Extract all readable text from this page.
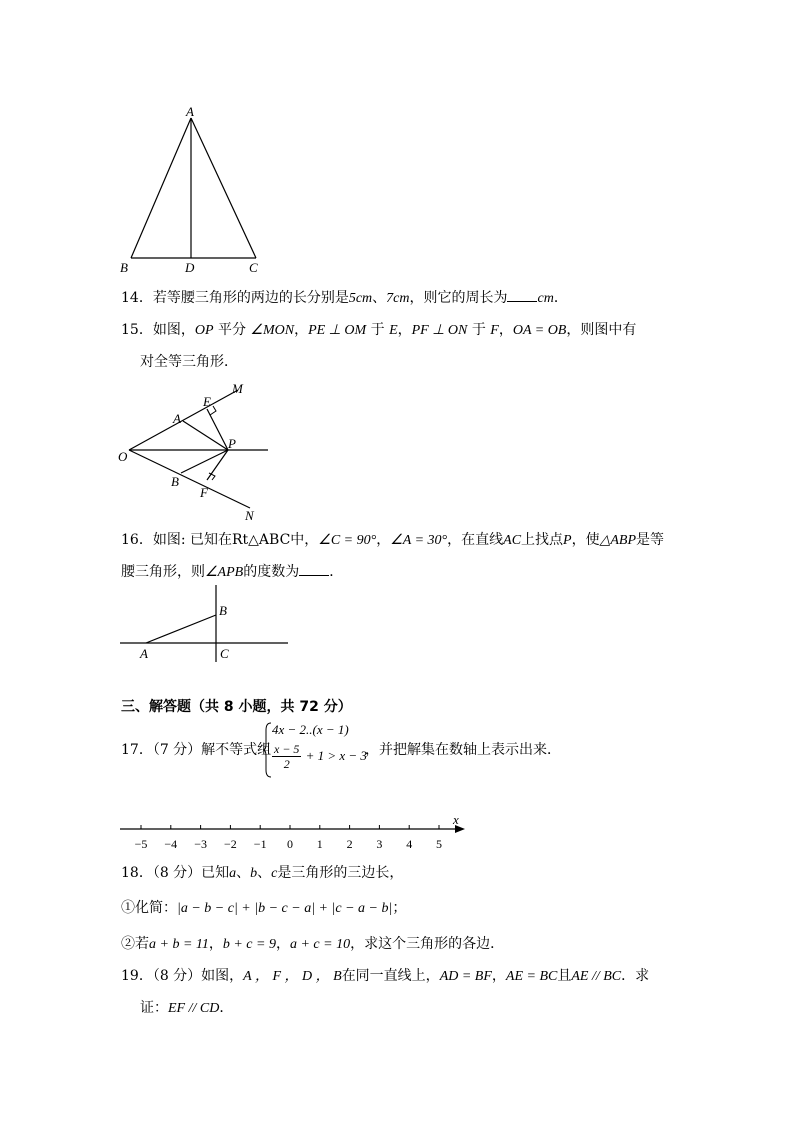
A
B	D	C
14．若等腰三角形的两边的长分别是5cm、7cm，则它的周长为 cm．
15．如图，OP 平分 ∠MON，PE ⊥ OM 于 E，PF ⊥ ON 于 F，OA = OB，则图中有
对全等三角形．
M
E
A
P
O
B
F
N
16．如图: 已知在Rt△ABC中，∠C = 90°，∠A = 30°，在直线AC上找点P，使△ABP是等
腰三角形，则∠APB的度数为 ．
B
A	C
三、解答题（共 8 小题，共 72 分）
17．（7 分）解不等式组
4x − 2..(x − 1)
$\frac{x - 5}{2} + 1 > x - 3$
，并把解集在数轴上表示出来．
x
−5 −4 −3 −2 −1 0 1 2 3 4 5
18．（8 分）已知a、b、c是三角形的三边长，
①化简：|a − b − c| + |b − c − a| + |c − a − b|；
②若a + b = 11，b + c = 9，a + c = 10，求这个三角形的各边．
19．（8 分）如图，A ， F ， D ， B在同一直线上，AD = BF，AE = BC且AE // BC．求
证：EF // CD．
